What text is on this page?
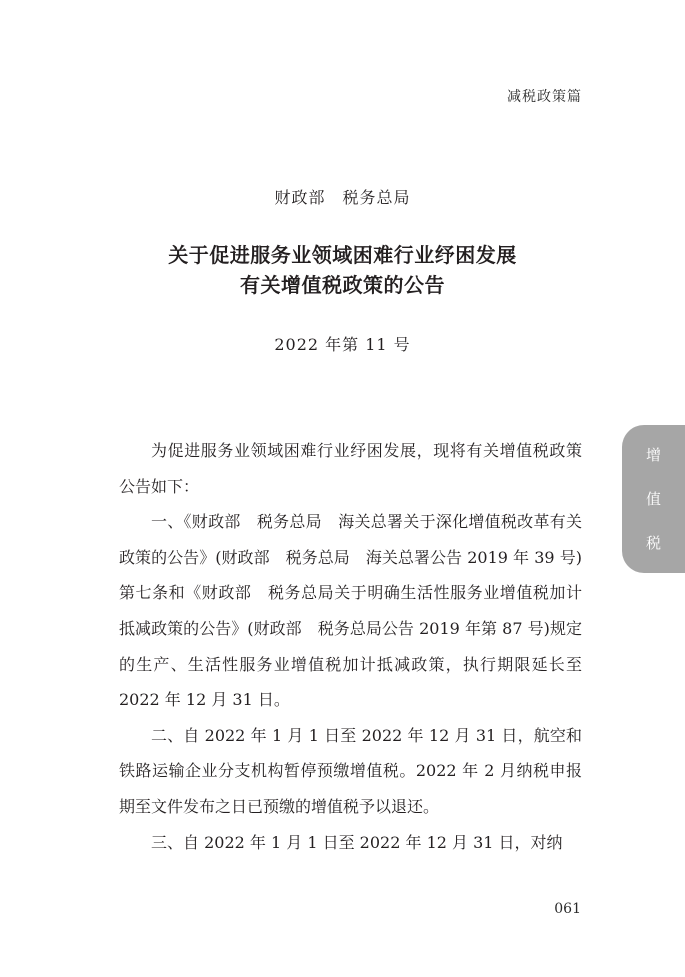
减税政策篇
财政部　税务总局
关于促进服务业领域困难行业纾困发展
有关增值税政策的公告
2022 年第 11 号

为促进服务业领域困难行业纾困发展，现将有关增值税政策公告如下：

一、《财政部　税务总局　海关总署关于深化增值税改革有关政策的公告》(财政部　税务总局　海关总署公告 2019 年 39 号)第七条和《财政部　税务总局关于明确生活性服务业增值税加计抵减政策的公告》(财政部　税务总局公告 2019 年第 87 号)规定的生产、生活性服务业增值税加计抵减政策，执行期限延长至 2022 年 12 月 31 日。

二、自 2022 年 1 月 1 日至 2022 年 12 月 31 日，航空和铁路运输企业分支机构暂停预缴增值税。2022 年 2 月纳税申报期至文件发布之日已预缴的增值税予以退还。

三、自 2022 年 1 月 1 日至 2022 年 12 月 31 日，对纳

增
值
税
061
